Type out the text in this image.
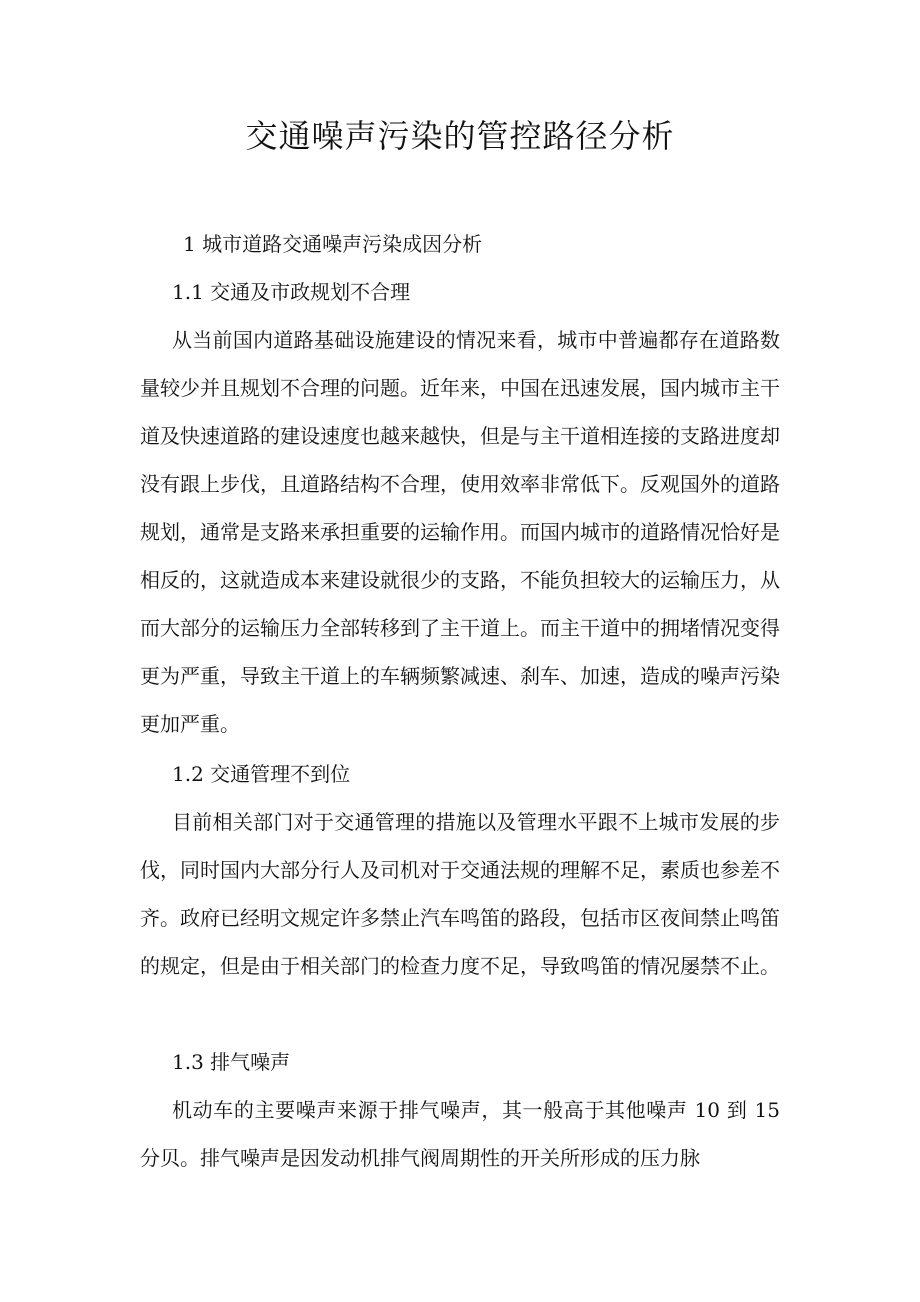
交通噪声污染的管控路径分析

1 城市道路交通噪声污染成因分析

1.1 交通及市政规划不合理

从当前国内道路基础设施建设的情况来看，城市中普遍都存在道路数量较少并且规划不合理的问题。近年来，中国在迅速发展，国内城市主干道及快速道路的建设速度也越来越快，但是与主干道相连接的支路进度却没有跟上步伐，且道路结构不合理，使用效率非常低下。反观国外的道路规划，通常是支路来承担重要的运输作用。而国内城市的道路情况恰好是相反的，这就造成本来建设就很少的支路，不能负担较大的运输压力，从而大部分的运输压力全部转移到了主干道上。而主干道中的拥堵情况变得更为严重，导致主干道上的车辆频繁减速、刹车、加速，造成的噪声污染更加严重。

1.2 交通管理不到位

目前相关部门对于交通管理的措施以及管理水平跟不上城市发展的步伐，同时国内大部分行人及司机对于交通法规的理解不足，素质也参差不齐。政府已经明文规定许多禁止汽车鸣笛的路段，包括市区夜间禁止鸣笛的规定，但是由于相关部门的检查力度不足，导致鸣笛的情况屡禁不止。

1.3 排气噪声

机动车的主要噪声来源于排气噪声，其一般高于其他噪声 10 到 15 分贝。排气噪声是因发动机排气阀周期性的开关所形成的压力脉
